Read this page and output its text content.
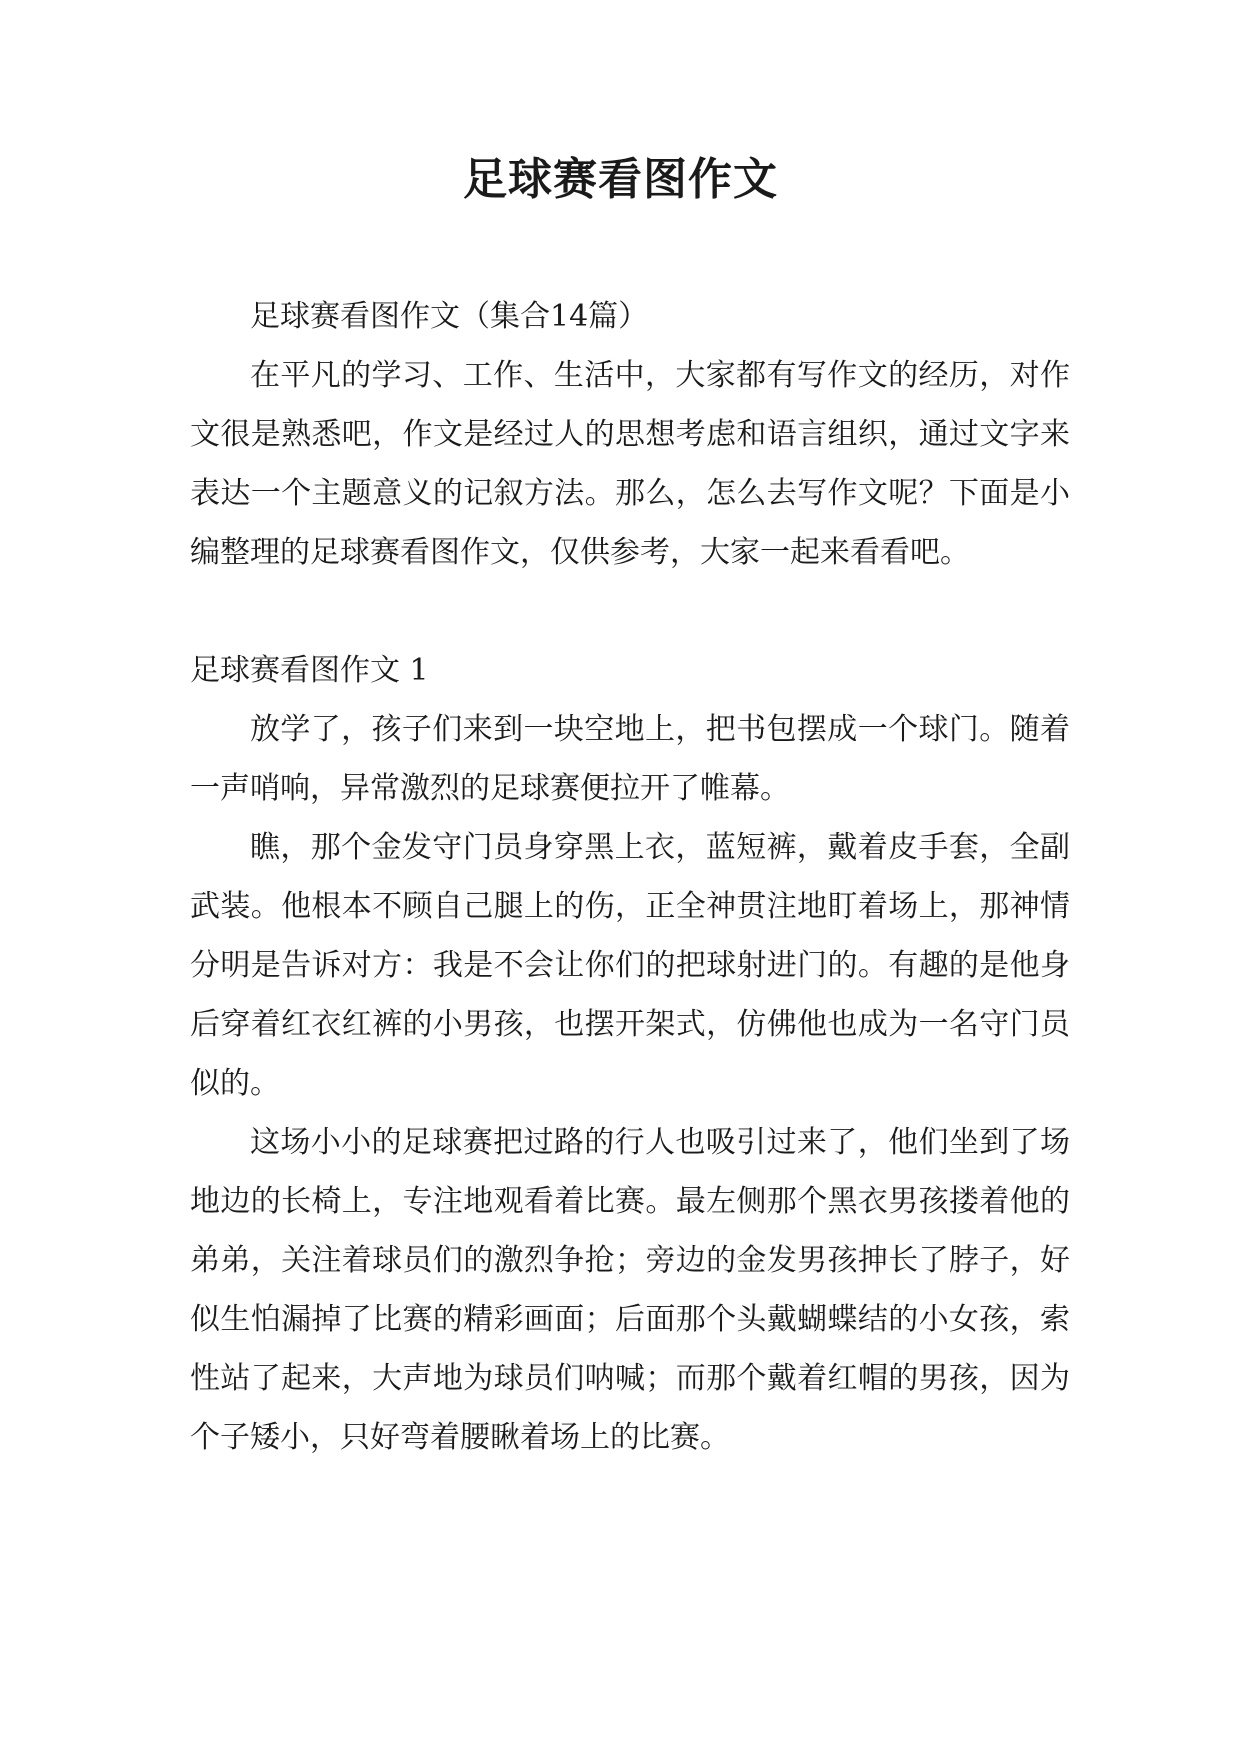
足球赛看图作文

足球赛看图作文（集合14篇）

在平凡的学习、工作、生活中，大家都有写作文的经历，对作文很是熟悉吧，作文是经过人的思想考虑和语言组织，通过文字来表达一个主题意义的记叙方法。那么，怎么去写作文呢？下面是小编整理的足球赛看图作文，仅供参考，大家一起来看看吧。

足球赛看图作文 1

放学了，孩子们来到一块空地上，把书包摆成一个球门。随着一声哨响，异常激烈的足球赛便拉开了帷幕。

瞧，那个金发守门员身穿黑上衣，蓝短裤，戴着皮手套，全副武装。他根本不顾自己腿上的伤，正全神贯注地盯着场上，那神情分明是告诉对方：我是不会让你们的把球射进门的。有趣的是他身后穿着红衣红裤的小男孩，也摆开架式，仿佛他也成为一名守门员似的。

这场小小的足球赛把过路的行人也吸引过来了，他们坐到了场地边的长椅上，专注地观看着比赛。最左侧那个黑衣男孩搂着他的弟弟，关注着球员们的激烈争抢；旁边的金发男孩抻长了脖子，好似生怕漏掉了比赛的精彩画面；后面那个头戴蝴蝶结的小女孩，索性站了起来，大声地为球员们呐喊；而那个戴着红帽的男孩，因为个子矮小，只好弯着腰瞅着场上的比赛。
